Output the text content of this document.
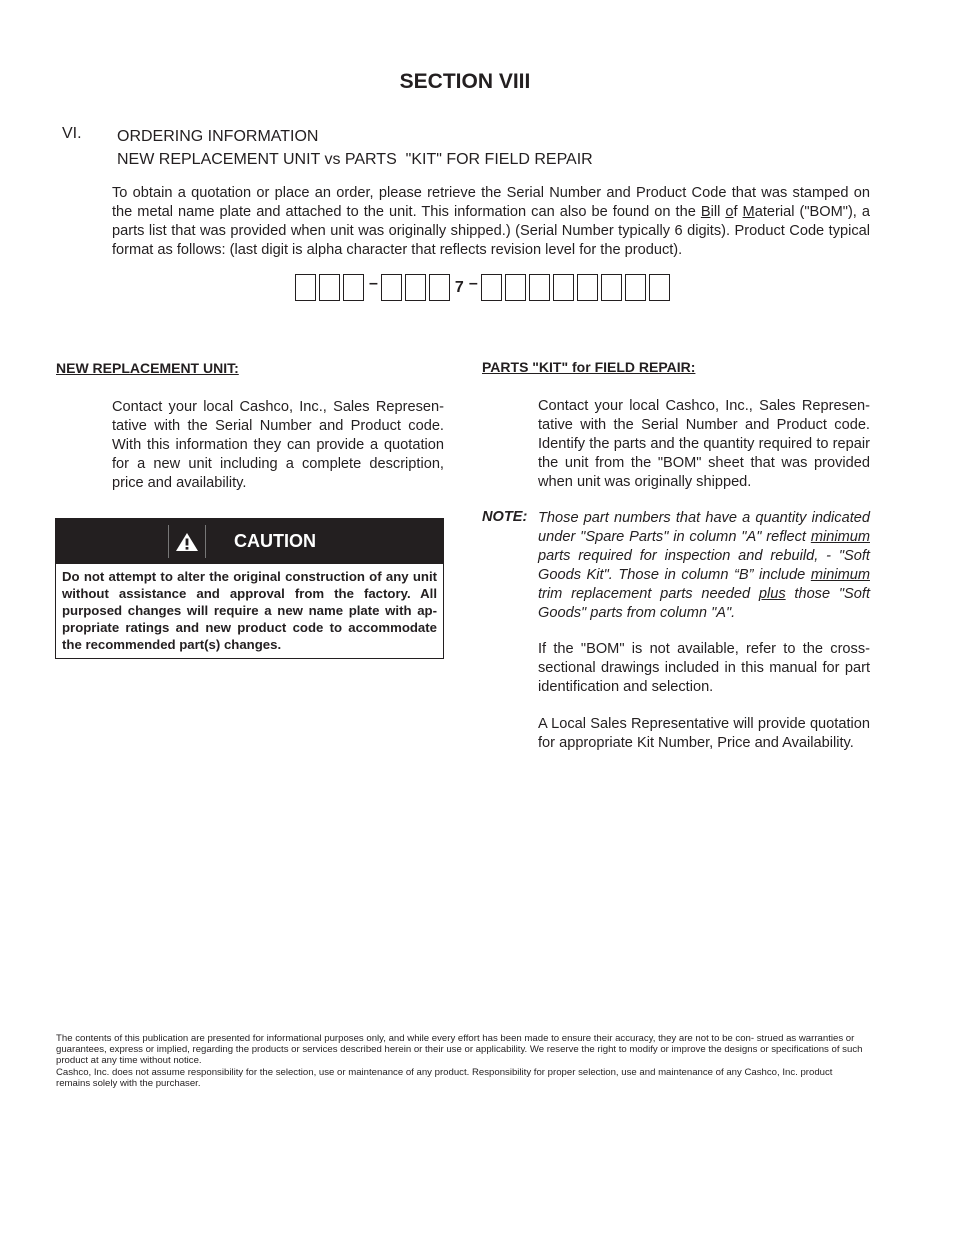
SECTION VIII
VI. ORDERING INFORMATION
NEW REPLACEMENT UNIT vs PARTS  "KIT" FOR FIELD REPAIR
To obtain a quotation or place an order, please retrieve the Serial Number and Product Code that was stamped on the metal name plate and attached to the unit. This information can also be found on the Bill of Material ("BOM"), a parts list that was provided when unit was originally shipped.) (Serial Number typically 6 digits). Product Code typical format as follows: (last digit is alpha character that reflects revision level for the product).
–	7 –
NEW REPLACEMENT UNIT:
Contact your local Cashco, Inc., Sales Represen- tative with the Serial Number and Product code. With this information they can provide a quotation for a new unit including a complete description, price and availability.
CAUTION
Do not attempt to alter the original construction of any unit without assistance and approval from the factory. All purposed changes will require a new name plate with ap- propriate ratings and new product code to accommodate the recommended part(s) changes.
PARTS "KIT" for FIELD REPAIR:
Contact your local Cashco, Inc., Sales Represen- tative with the Serial Number and Product code. Identify the parts and the quantity required to repair the unit from the "BOM" sheet that was provided when unit was originally shipped.
NOTE: Those part numbers that have a quantity indicated under "Spare Parts" in column "A" reflect minimum parts required for inspection and rebuild, - "Soft Goods Kit". Those in column “B” include minimum trim replacement parts needed plus those "Soft Goods" parts from column "A".
If the "BOM" is not available, refer to the cross- sectional drawings included in this manual for part identification and selection.
A Local Sales Representative will provide quotation for appropriate Kit Number, Price and Availability.
The contents of this publication are presented for informational purposes only, and while every effort has been made to ensure their accuracy, they are not to be con- strued as warranties or guarantees, express or implied, regarding the products or services described herein or their use or applicability. We reserve the right to modify or improve the designs or specifications of such product at any time without notice.
Cashco, Inc. does not assume responsibility for the selection, use or maintenance of any product. Responsibility for proper selection, use and maintenance of any Cashco, Inc. product remains solely with the purchaser.
